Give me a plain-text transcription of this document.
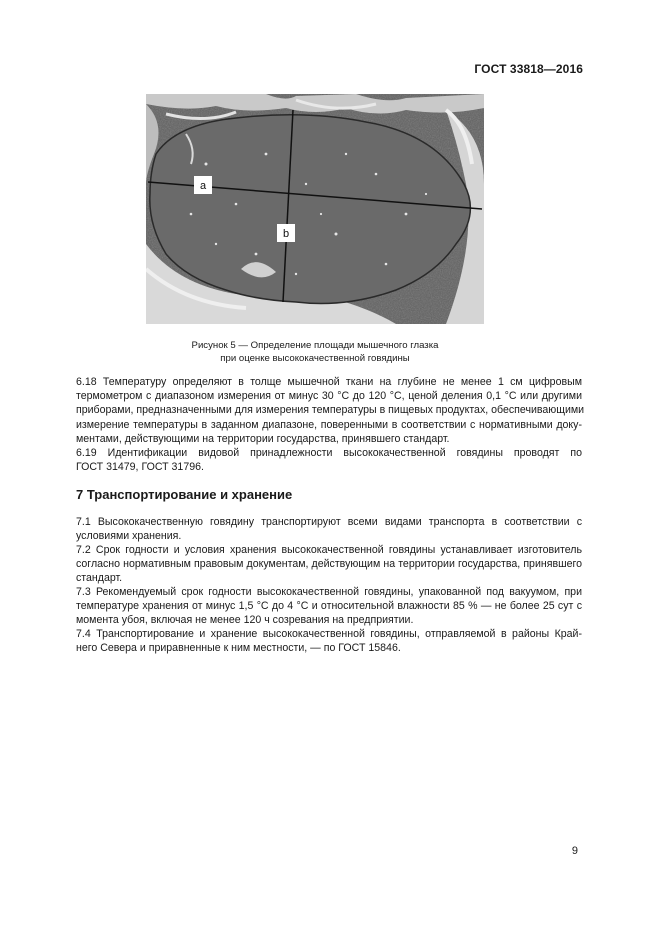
ГОСТ 33818—2016
a
b
Рисунок 5 — Определение площади мышечного глазка
при оценке высококачественной говядины
6.18 Температуру определяют в толще мышечной ткани на глубине не менее 1 см цифровым
термометром с диапазоном измерения от минус 30 °С до 120 °С, ценой деления 0,1 °С или другими
приборами, предназначенными для измерения температуры в пищевых продуктах, обеспечивающими
измерение температуры в заданном диапазоне, поверенными в соответствии с нормативными доку-
ментами, действующими на территории государства, принявшего стандарт.
6.19 Идентификации видовой принадлежности высококачественной говядины проводят по
ГОСТ 31479, ГОСТ 31796.
7 Транспортирование и хранение
7.1 Высококачественную говядину транспортируют всеми видами транспорта в соответствии с
условиями хранения.
7.2 Срок годности и условия хранения высококачественной говядины устанавливает изготовитель
согласно нормативным правовым документам, действующим на территории государства, принявшего
стандарт.
7.3 Рекомендуемый срок годности высококачественной говядины, упакованной под вакуумом, при
температуре хранения от минус 1,5 °С до 4 °С и относительной влажности 85 % — не более 25 сут с
момента убоя, включая не менее 120 ч созревания на предприятии.
7.4 Транспортирование и хранение высококачественной говядины, отправляемой в районы Край-
него Севера и приравненные к ним местности, — по ГОСТ 15846.
9
